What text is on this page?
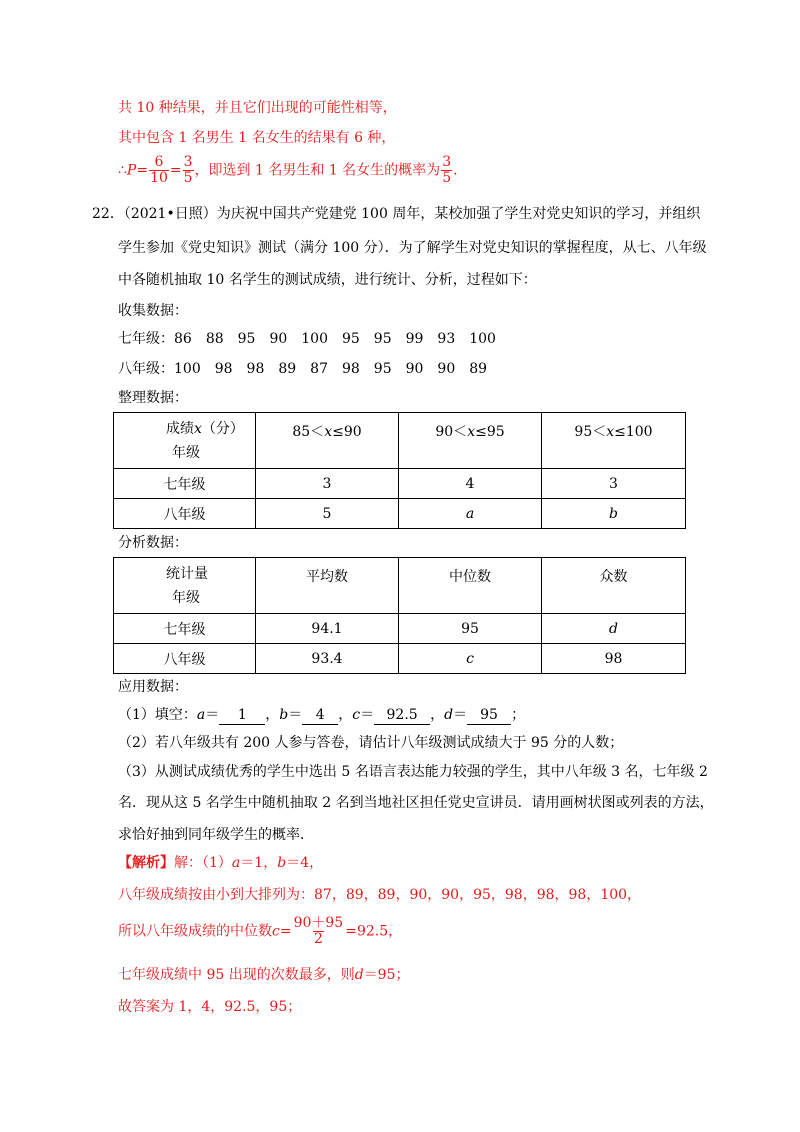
共 10 种结果，并且它们出现的可能性相等，
其中包含 1 名男生 1 名女生的结果有 6 种，
∴P= $\frac{6}{10} = \frac{3}{5}$ ，即选到 1 名男生和 1 名女生的概率为 $\frac{3}{5}$ .
22．（2021•日照）为庆祝中国共产党建党 100 周年，某校加强了学生对党史知识的学习，并组织
学生参加《党史知识》测试（满分 100 分）．为了解学生对党史知识的掌握程度，从七、八年级
中各随机抽取 10 名学生的测试成绩，进行统计、分析，过程如下：
收集数据：
七年级：86　88　95　90　100　95　95　99　93　100
八年级：100　98　98　89　87　98　95　90　90　89
整理数据：
成绩x（分）
年级	85＜x≤90	90＜x≤95	95＜x≤100
七年级	3	4	3
八年级	5	a	b
分析数据：
统计量
年级	平均数	中位数	众数
七年级	94.1	95	d
八年级	93.4	c	98
应用数据：
（1）填空：a＝ 1 ，b＝ 4 ，c＝ 92.5 ，d＝ 95 ；
（2）若八年级共有 200 人参与答卷，请估计八年级测试成绩大于 95 分的人数；
（3）从测试成绩优秀的学生中选出 5 名语言表达能力较强的学生，其中八年级 3 名，七年级 2
名．现从这 5 名学生中随机抽取 2 名到当地社区担任党史宣讲员．请用画树状图或列表的方法，
求恰好抽到同年级学生的概率．
【解析】解：（1）a＝1，b＝4，
八年级成绩按由小到大排列为：87，89，89，90，90，95，98，98，98，100，
所以八年级成绩的中位数$c= \frac{90+95}{2} =92.5$，
七年级成绩中 95 出现的次数最多，则d＝95；
故答案为 1，4，92.5，95；
